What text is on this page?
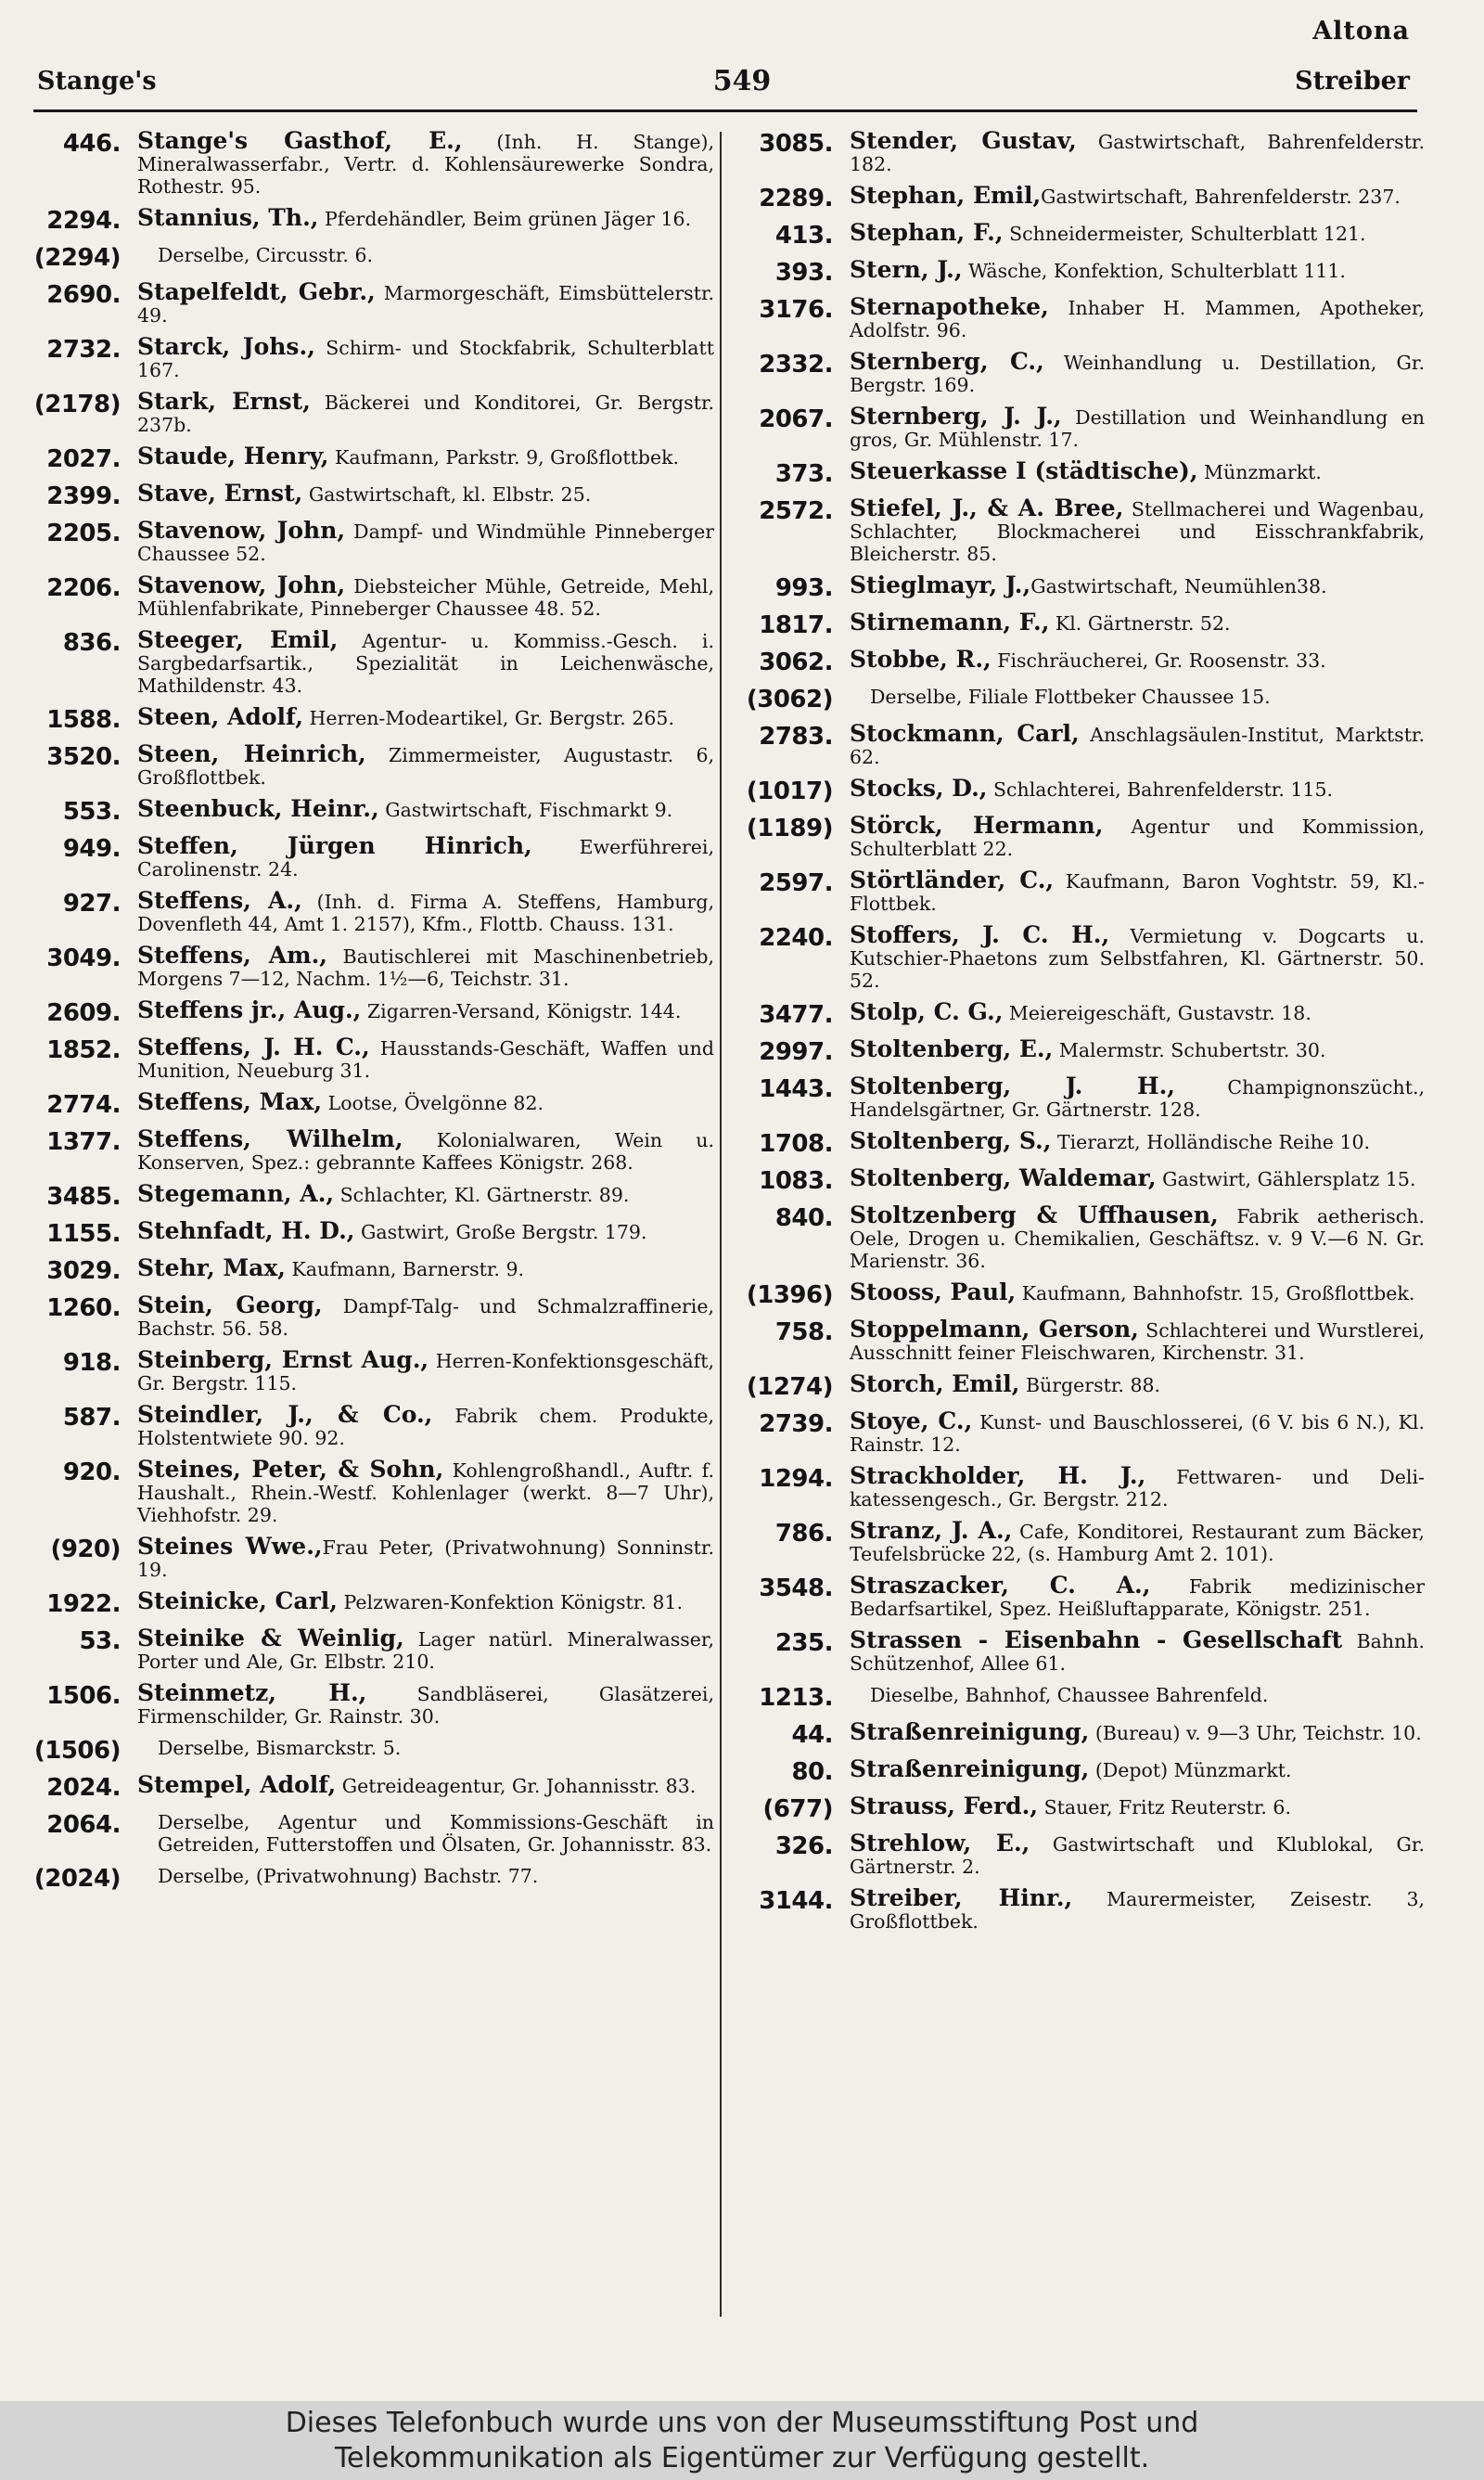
Altona
Stange's	549	Streiber
446. Stange's Gasthof, E., (Inh. H. Stange), Mineralwasserfabr., Vertr. d. Kohlensäurewerke Sondra, Rothestr. 95.
2294. Stannius, Th., Pferdehändler, Beim grünen Jäger 16.
(2294)	Derselbe, Circusstr. 6.
2690. Stapelfeldt, Gebr., Marmorgeschäft, Eimsbüttelerstr. 49.
2732. Starck, Johs., Schirm- und Stockfabrik, Schulterblatt 167.
(2178) Stark, Ernst, Bäckerei und Konditorei, Gr. Bergstr. 237b.
2027. Staude, Henry, Kaufmann, Parkstr. 9, Großflottbek.
2399. Stave, Ernst, Gastwirtschaft, kl. Elbstr. 25.
2205. Stavenow, John, Dampf- und Windmühle Pinneberger Chaussee 52.
2206. Stavenow, John, Diebsteicher Mühle, Getreide, Mehl, Mühlenfabrikate, Pinneberger Chaussee 48. 52.
836. Steeger, Emil, Agentur- u. Kommiss.-Gesch. i. Sargbedarfsartik., Spezialität in Leichenwäsche, Mathildenstr. 43.
1588. Steen, Adolf, Herren-Modeartikel, Gr. Bergstr. 265.
3520. Steen, Heinrich, Zimmermeister, Augustastr. 6, Großflottbek.
553. Steenbuck, Heinr., Gastwirtschaft, Fischmarkt 9.
949. Steffen, Jürgen Hinrich, Ewerführerei, Carolinenstr. 24.
927. Steffens, A., (Inh. d. Firma A. Steffens, Hamburg, Dovenfleth 44, Amt 1. 2157), Kfm., Flottb. Chauss. 131.
3049. Steffens, Am., Bautischlerei mit Maschinenbetrieb, Morgens 7—12, Nachm. 1½—6, Teichstr. 31.
2609. Steffens jr., Aug., Zigarren-Versand, Königstr. 144.
1852. Steffens, J. H. C., Hausstands-Geschäft, Waffen und Munition, Neueburg 31.
2774. Steffens, Max, Lootse, Övelgönne 82.
1377. Steffens, Wilhelm, Kolonialwaren, Wein u. Konserven, Spez.: gebrannte Kaffees Königstr. 268.
3485. Stegemann, A., Schlachter, Kl. Gärtnerstr. 89.
1155. Stehnfadt, H. D., Gastwirt, Große Bergstr. 179.
3029. Stehr, Max, Kaufmann, Barnerstr. 9.
1260. Stein, Georg, Dampf-Talg- und Schmalzraffinerie, Bachstr. 56. 58.
918. Steinberg, Ernst Aug., Herren-Konfektionsgeschäft, Gr. Bergstr. 115.
587. Steindler, J., & Co., Fabrik chem. Produkte, Holstentwiete 90. 92.
920. Steines, Peter, & Sohn, Kohlengroßhandl., Auftr. f. Haushalt., Rhein.-Westf. Kohlenlager (werkt. 8—7 Uhr), Viehhofstr. 29.
(920) Steines Wwe.,Frau Peter, (Privatwohnung) Sonninstr. 19.
1922. Steinicke, Carl, Pelzwaren-Konfektion Königstr. 81.
53. Steinike & Weinlig, Lager natürl. Mineralwasser, Porter und Ale, Gr. Elbstr. 210.
1506. Steinmetz, H., Sandbläserei, Glasätzerei, Firmenschilder, Gr. Rainstr. 30.
(1506)	Derselbe, Bismarckstr. 5.
2024. Stempel, Adolf, Getreideagentur, Gr. Johannisstr. 83.
2064.	Derselbe, Agentur und Kommissions-Geschäft in Getreiden, Futterstoffen und Ölsaten, Gr. Johannisstr. 83.
(2024)	Derselbe, (Privatwohnung) Bachstr. 77.
3085. Stender, Gustav, Gastwirtschaft, Bahrenfelderstr. 182.
2289. Stephan, Emil,Gastwirtschaft, Bahrenfelderstr. 237.
413. Stephan, F., Schneidermeister, Schulterblatt 121.
393. Stern, J., Wäsche, Konfektion, Schulterblatt 111.
3176. Sternapotheke, Inhaber H. Mammen, Apotheker, Adolfstr. 96.
2332. Sternberg, C., Weinhandlung u. Destillation, Gr. Bergstr. 169.
2067. Sternberg, J. J., Destillation und Weinhandlung en gros, Gr. Mühlenstr. 17.
373. Steuerkasse I (städtische), Münzmarkt.
2572. Stiefel, J., & A. Bree, Stellmacherei und Wagenbau, Schlachter, Blockmacherei und Eisschrankfabrik, Bleicherstr. 85.
993. Stieglmayr, J.,Gastwirtschaft, Neumühlen38.
1817. Stirnemann, F., Kl. Gärtnerstr. 52.
3062. Stobbe, R., Fischräucherei, Gr. Roosenstr. 33.
(3062)	Derselbe, Filiale Flottbeker Chaussee 15.
2783. Stockmann, Carl, Anschlagsäulen-Institut, Marktstr. 62.
(1017) Stocks, D., Schlachterei, Bahrenfelderstr. 115.
(1189) Störck, Hermann, Agentur und Kommission, Schulterblatt 22.
2597. Störtländer, C., Kaufmann, Baron Voghtstr. 59, Kl.-Flottbek.
2240. Stoffers, J. C. H., Vermietung v. Dogcarts u. Kutschier-Phaetons zum Selbstfahren, Kl. Gärtnerstr. 50. 52.
3477. Stolp, C. G., Meiereigeschäft, Gustavstr. 18.
2997. Stoltenberg, E., Malermstr. Schubertstr. 30.
1443. Stoltenberg, J. H., Champignonszücht., Handelsgärtner, Gr. Gärtnerstr. 128.
1708. Stoltenberg, S., Tierarzt, Holländische Reihe 10.
1083. Stoltenberg, Waldemar, Gastwirt, Gählersplatz 15.
840. Stoltzenberg & Uffhausen, Fabrik aetherisch. Oele, Drogen u. Chemikalien, Geschäftsz. v. 9 V.—6 N. Gr. Marienstr. 36.
(1396) Stooss, Paul, Kaufmann, Bahnhofstr. 15, Großflottbek.
758. Stoppelmann, Gerson, Schlachterei und Wurstlerei, Ausschnitt feiner Fleischwaren, Kirchenstr. 31.
(1274) Storch, Emil, Bürgerstr. 88.
2739. Stoye, C., Kunst- und Bauschlosserei, (6 V. bis 6 N.), Kl. Rainstr. 12.
1294. Strackholder, H. J., Fettwaren- und Delikatessengesch., Gr. Bergstr. 212.
786. Stranz, J. A., Cafe, Konditorei, Restaurant zum Bäcker, Teufelsbrücke 22, (s. Hamburg Amt 2. 101).
3548. Straszacker, C. A., Fabrik medizinischer Bedarfsartikel, Spez. Heißluftapparate, Königstr. 251.
235. Strassen - Eisenbahn - Gesellschaft Bahnh. Schützenhof, Allee 61.
1213.	Dieselbe, Bahnhof, Chaussee Bahrenfeld.
44. Straßenreinigung, (Bureau) v. 9—3 Uhr, Teichstr. 10.
80. Straßenreinigung, (Depot) Münzmarkt.
(677) Strauss, Ferd., Stauer, Fritz Reuterstr. 6.
326. Strehlow, E., Gastwirtschaft und Klublokal, Gr. Gärtnerstr. 2.
3144. Streiber, Hinr., Maurermeister, Zeisestr. 3, Großflottbek.
Dieses Telefonbuch wurde uns von der Museumsstiftung Post und
Telekommunikation als Eigentümer zur Verfügung gestellt.
